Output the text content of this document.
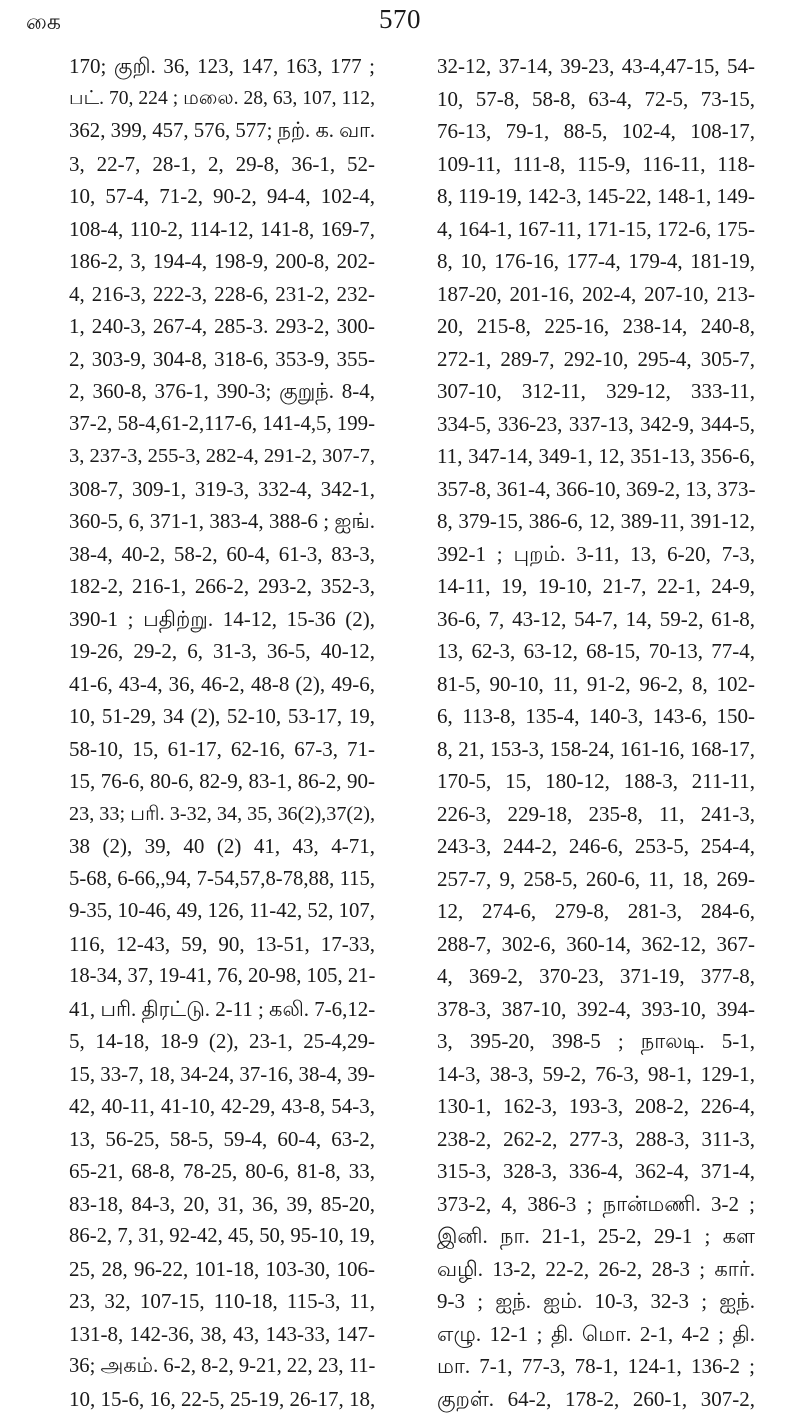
கை	570
170; குறி. 36, 123, 147, 163, 177 ;
பட். 70, 224 ; மலை. 28, 63, 107, 112,
362, 399, 457, 576, 577; நற். க. வா.
3, 22-7, 28-1, 2, 29-8, 36-1, 52-
10, 57-4, 71-2, 90-2, 94-4, 102-4,
108-4, 110-2, 114-12, 141-8, 169-7,
186-2, 3, 194-4, 198-9, 200-8, 202-
4, 216-3, 222-3, 228-6, 231-2, 232-
1, 240-3, 267-4, 285-3. 293-2, 300-
2, 303-9, 304-8, 318-6, 353-9, 355-
2, 360-8, 376-1, 390-3; குறுந். 8-4,
37-2, 58-4,61-2,117-6, 141-4,5, 199-
3, 237-3, 255-3, 282-4, 291-2, 307-7,
308-7, 309-1, 319-3, 332-4, 342-1,
360-5, 6, 371-1, 383-4, 388-6 ; ஐங்.
38-4, 40-2, 58-2, 60-4, 61-3, 83-3,
182-2, 216-1, 266-2, 293-2, 352-3,
390-1 ; பதிற்று. 14-12, 15-36 (2),
19-26, 29-2, 6, 31-3, 36-5, 40-12,
41-6, 43-4, 36, 46-2, 48-8 (2), 49-6,
10, 51-29, 34 (2), 52-10, 53-17, 19,
58-10, 15, 61-17, 62-16, 67-3, 71-
15, 76-6, 80-6, 82-9, 83-1, 86-2, 90-
23, 33; பரி. 3-32, 34, 35, 36(2),37(2),
38 (2), 39, 40 (2) 41, 43, 4-71,
5-68, 6-66,,94, 7-54,57,8-78,88, 115,
9-35, 10-46, 49, 126, 11-42, 52, 107,
116, 12-43, 59, 90, 13-51, 17-33,
18-34, 37, 19-41, 76, 20-98, 105, 21-
41, பரி. திரட்டு. 2-11 ; கலி. 7-6,12-
5, 14-18, 18-9 (2), 23-1, 25-4,29-
15, 33-7, 18, 34-24, 37-16, 38-4, 39-
42, 40-11, 41-10, 42-29, 43-8, 54-3,
13, 56-25, 58-5, 59-4, 60-4, 63-2,
65-21, 68-8, 78-25, 80-6, 81-8, 33,
83-18, 84-3, 20, 31, 36, 39, 85-20,
86-2, 7, 31, 92-42, 45, 50, 95-10, 19,
25, 28, 96-22, 101-18, 103-30, 106-
23, 32, 107-15, 110-18, 115-3, 11,
131-8, 142-36, 38, 43, 143-33, 147-
36; அகம். 6-2, 8-2, 9-21, 22, 23, 11-
10, 15-6, 16, 22-5, 25-19, 26-17, 18,
32-12, 37-14, 39-23, 43-4,47-15, 54-
10, 57-8, 58-8, 63-4, 72-5, 73-15,
76-13, 79-1, 88-5, 102-4, 108-17,
109-11, 111-8, 115-9, 116-11, 118-
8, 119-19, 142-3, 145-22, 148-1, 149-
4, 164-1, 167-11, 171-15, 172-6, 175-
8, 10, 176-16, 177-4, 179-4, 181-19,
187-20, 201-16, 202-4, 207-10, 213-
20, 215-8, 225-16, 238-14, 240-8,
272-1, 289-7, 292-10, 295-4, 305-7,
307-10, 312-11, 329-12, 333-11,
334-5, 336-23, 337-13, 342-9, 344-5,
11, 347-14, 349-1, 12, 351-13, 356-6,
357-8, 361-4, 366-10, 369-2, 13, 373-
8, 379-15, 386-6, 12, 389-11, 391-12,
392-1 ; புறம். 3-11, 13, 6-20, 7-3,
14-11, 19, 19-10, 21-7, 22-1, 24-9,
36-6, 7, 43-12, 54-7, 14, 59-2, 61-8,
13, 62-3, 63-12, 68-15, 70-13, 77-4,
81-5, 90-10, 11, 91-2, 96-2, 8, 102-
6, 113-8, 135-4, 140-3, 143-6, 150-
8, 21, 153-3, 158-24, 161-16, 168-17,
170-5, 15, 180-12, 188-3, 211-11,
226-3, 229-18, 235-8, 11, 241-3,
243-3, 244-2, 246-6, 253-5, 254-4,
257-7, 9, 258-5, 260-6, 11, 18, 269-
12, 274-6, 279-8, 281-3, 284-6,
288-7, 302-6, 360-14, 362-12, 367-
4, 369-2, 370-23, 371-19, 377-8,
378-3, 387-10, 392-4, 393-10, 394-
3, 395-20, 398-5 ; நாலடி. 5-1,
14-3, 38-3, 59-2, 76-3, 98-1, 129-1,
130-1, 162-3, 193-3, 208-2, 226-4,
238-2, 262-2, 277-3, 288-3, 311-3,
315-3, 328-3, 336-4, 362-4, 371-4,
373-2, 4, 386-3 ; நான்மணி. 3-2 ;
இனி. நா. 21-1, 25-2, 29-1 ; கள
வழி. 13-2, 22-2, 26-2, 28-3 ; கார்.
9-3 ; ஐந். ஐம். 10-3, 32-3 ; ஐந்.
எழு. 12-1 ; தி. மொ. 2-1, 4-2 ; தி.
மா. 7-1, 77-3, 78-1, 124-1, 136-2 ;
குறள். 64-2, 178-2, 260-1, 307-2,
